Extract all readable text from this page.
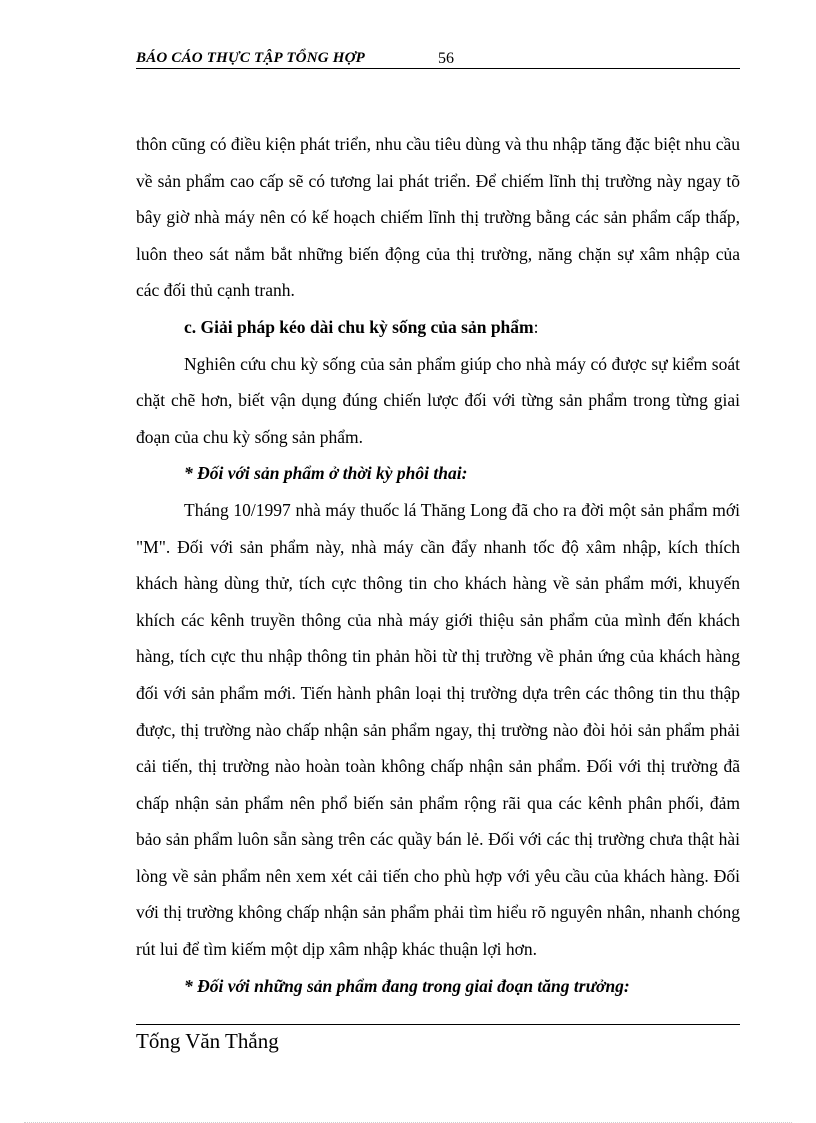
BÁO CÁO THỰC TẬP TỔNG HỢP	56

thôn cũng có điều kiện phát triển, nhu cầu tiêu dùng và thu nhập tăng đặc biệt nhu cầu về sản phẩm cao cấp sẽ có tương lai phát triển. Để chiếm lĩnh thị trường này ngay tõ bây giờ nhà máy nên có kế hoạch chiếm lĩnh thị trường bằng các sản phẩm cấp thấp, luôn theo sát nắm bắt những biến động của thị trường, năng chặn sự xâm nhập của các đối thủ cạnh tranh.

c. Giải pháp kéo dài chu kỳ sống của sản phẩm:

Nghiên cứu chu kỳ sống của sản phẩm giúp cho nhà máy có được sự kiểm soát chặt chẽ hơn, biết vận dụng đúng chiến lược đối với từng sản phẩm trong từng giai đoạn của chu kỳ sống sản phẩm.

* Đối với sản phẩm ở thời kỳ phôi thai:

Tháng 10/1997 nhà máy thuốc lá Thăng Long đã cho ra đời một sản phẩm mới "M". Đối với sản phẩm này, nhà máy cần đẩy nhanh tốc độ xâm nhập, kích thích khách hàng dùng thử, tích cực thông tin cho khách hàng về sản phẩm mới, khuyến khích các kênh truyền thông của nhà máy giới thiệu sản phẩm của mình đến khách hàng, tích cực thu nhập thông tin phản hồi từ thị trường về phản ứng của khách hàng đối với sản phẩm mới. Tiến hành phân loại thị trường dựa trên các thông tin thu thập được, thị trường nào chấp nhận sản phẩm ngay, thị trường nào đòi hỏi sản phẩm phải cải tiến, thị trường nào hoàn toàn không chấp nhận sản phẩm. Đối với thị trường đã chấp nhận sản phẩm nên phổ biến sản phẩm rộng rãi qua các kênh phân phối, đảm bảo sản phẩm luôn sẵn sàng trên các quầy bán lẻ. Đối với các thị trường chưa thật hài lòng về sản phẩm nên xem xét cải tiến cho phù hợp với yêu cầu của khách hàng. Đối với thị trường không chấp nhận sản phẩm phải tìm hiểu rõ nguyên nhân, nhanh chóng rút lui để tìm kiếm một dịp xâm nhập khác thuận lợi hơn.

* Đối với những sản phẩm đang trong giai đoạn tăng trưởng:

Tống Văn Thắng
